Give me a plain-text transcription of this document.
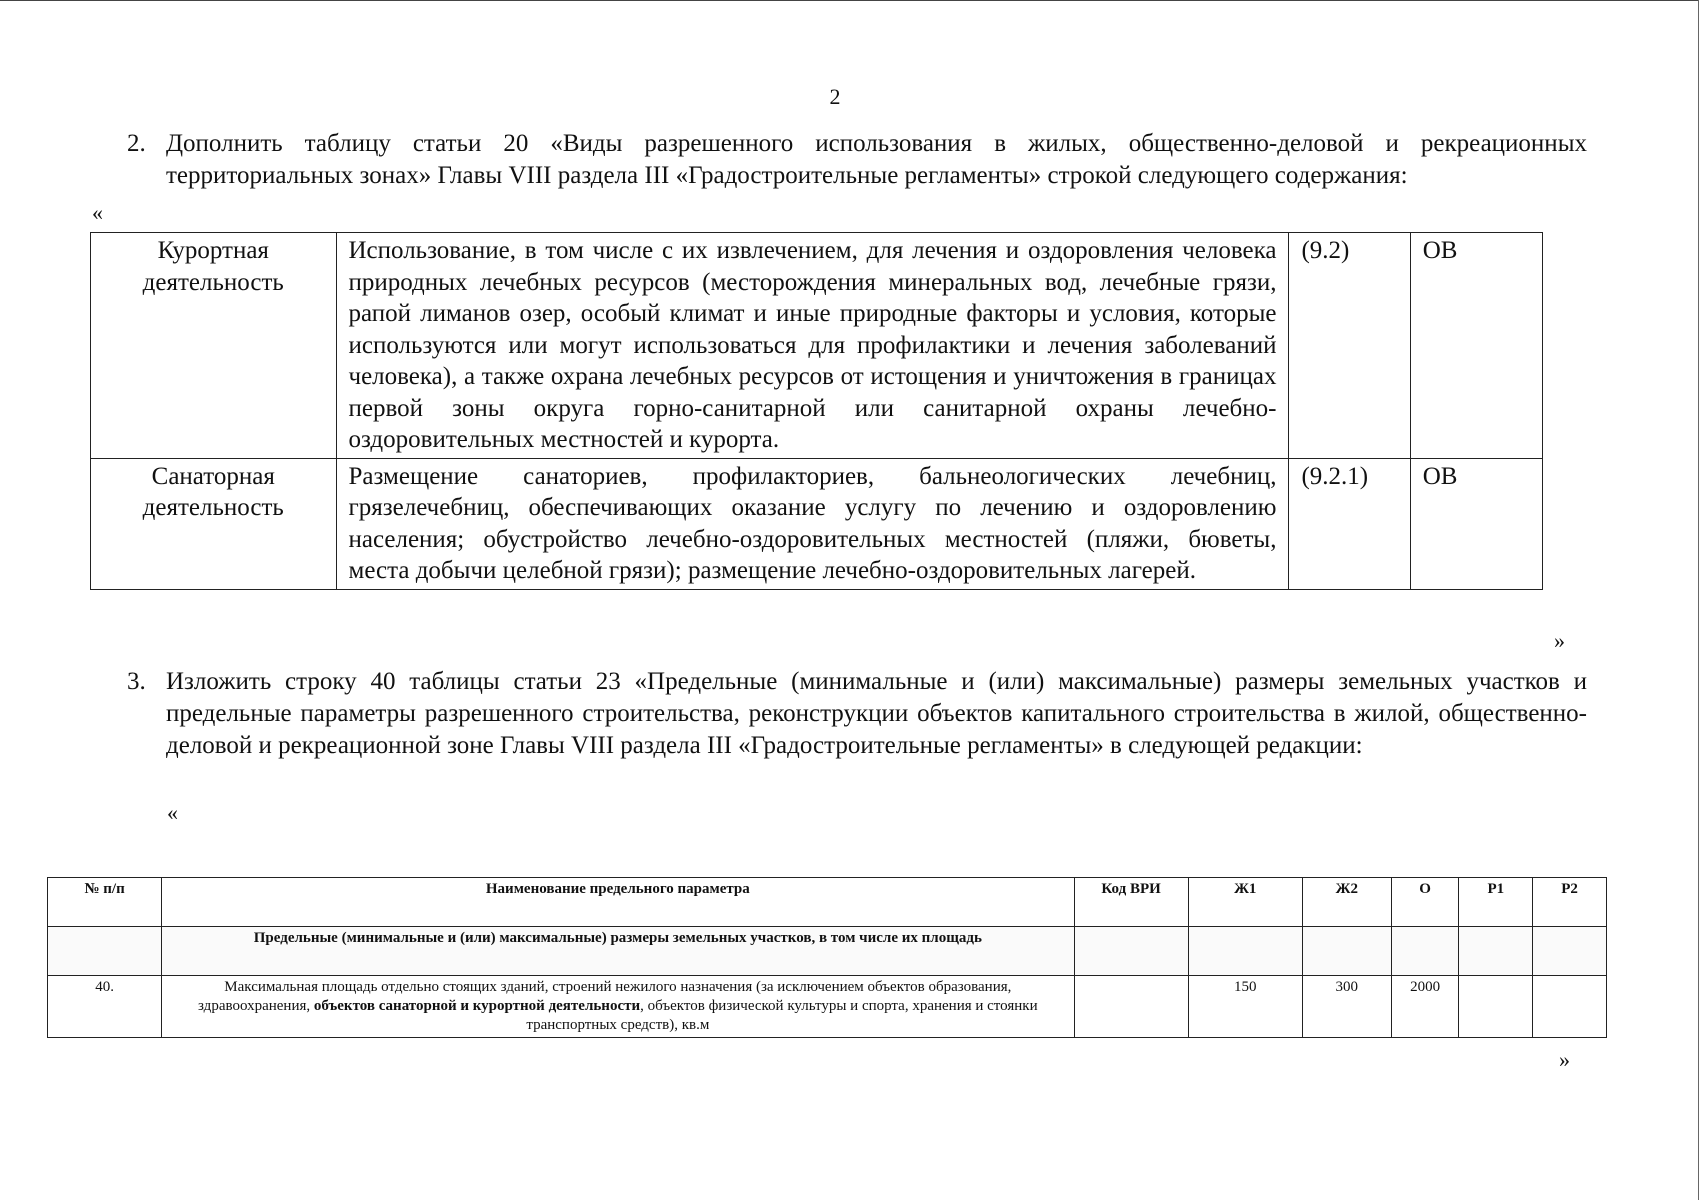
2
2. Дополнить таблицу статьи 20 «Виды разрешенного использования в жилых, общественно-деловой и рекреационных территориальных зонах» Главы VIII раздела III «Градостроительные регламенты» строкой следующего содержания:
«
Курортная деятельность	Использование, в том числе с их извлечением, для лечения и оздоровления человека природных лечебных ресурсов (месторождения минеральных вод, лечебные грязи, рапой лиманов озер, особый климат и иные природные факторы и условия, которые используются или могут использоваться для профилактики и лечения заболеваний человека), а также охрана лечебных ресурсов от истощения и уничтожения в границах первой зоны округа горно-санитарной или санитарной охраны лечебно-оздоровительных местностей и курорта.	(9.2)	ОВ
Санаторная деятельность	Размещение санаториев, профилакториев, бальнеологических лечебниц, грязелечебниц, обеспечивающих оказание услугу по лечению и оздоровлению населения; обустройство лечебно-оздоровительных местностей (пляжи, бюветы, места добычи целебной грязи); размещение лечебно-оздоровительных лагерей.	(9.2.1)	ОВ
»
3. Изложить строку 40 таблицы статьи 23 «Предельные (минимальные и (или) максимальные) размеры земельных участков и предельные параметры разрешенного строительства, реконструкции объектов капитального строительства в жилой, общественно-деловой и рекреационной зоне Главы VIII раздела III «Градостроительные регламенты» в следующей редакции:
«
№ п/п	Наименование предельного параметра	Код ВРИ	Ж1	Ж2	О	Р1	Р2
	Предельные (минимальные и (или) максимальные) размеры земельных участков, в том числе их площадь						
40.	Максимальная площадь отдельно стоящих зданий, строений нежилого назначения (за исключением объектов образования, здравоохранения, объектов санаторной и курортной деятельности, объектов физической культуры и спорта, хранения и стоянки транспортных средств), кв.м		150	300	2000		
»
